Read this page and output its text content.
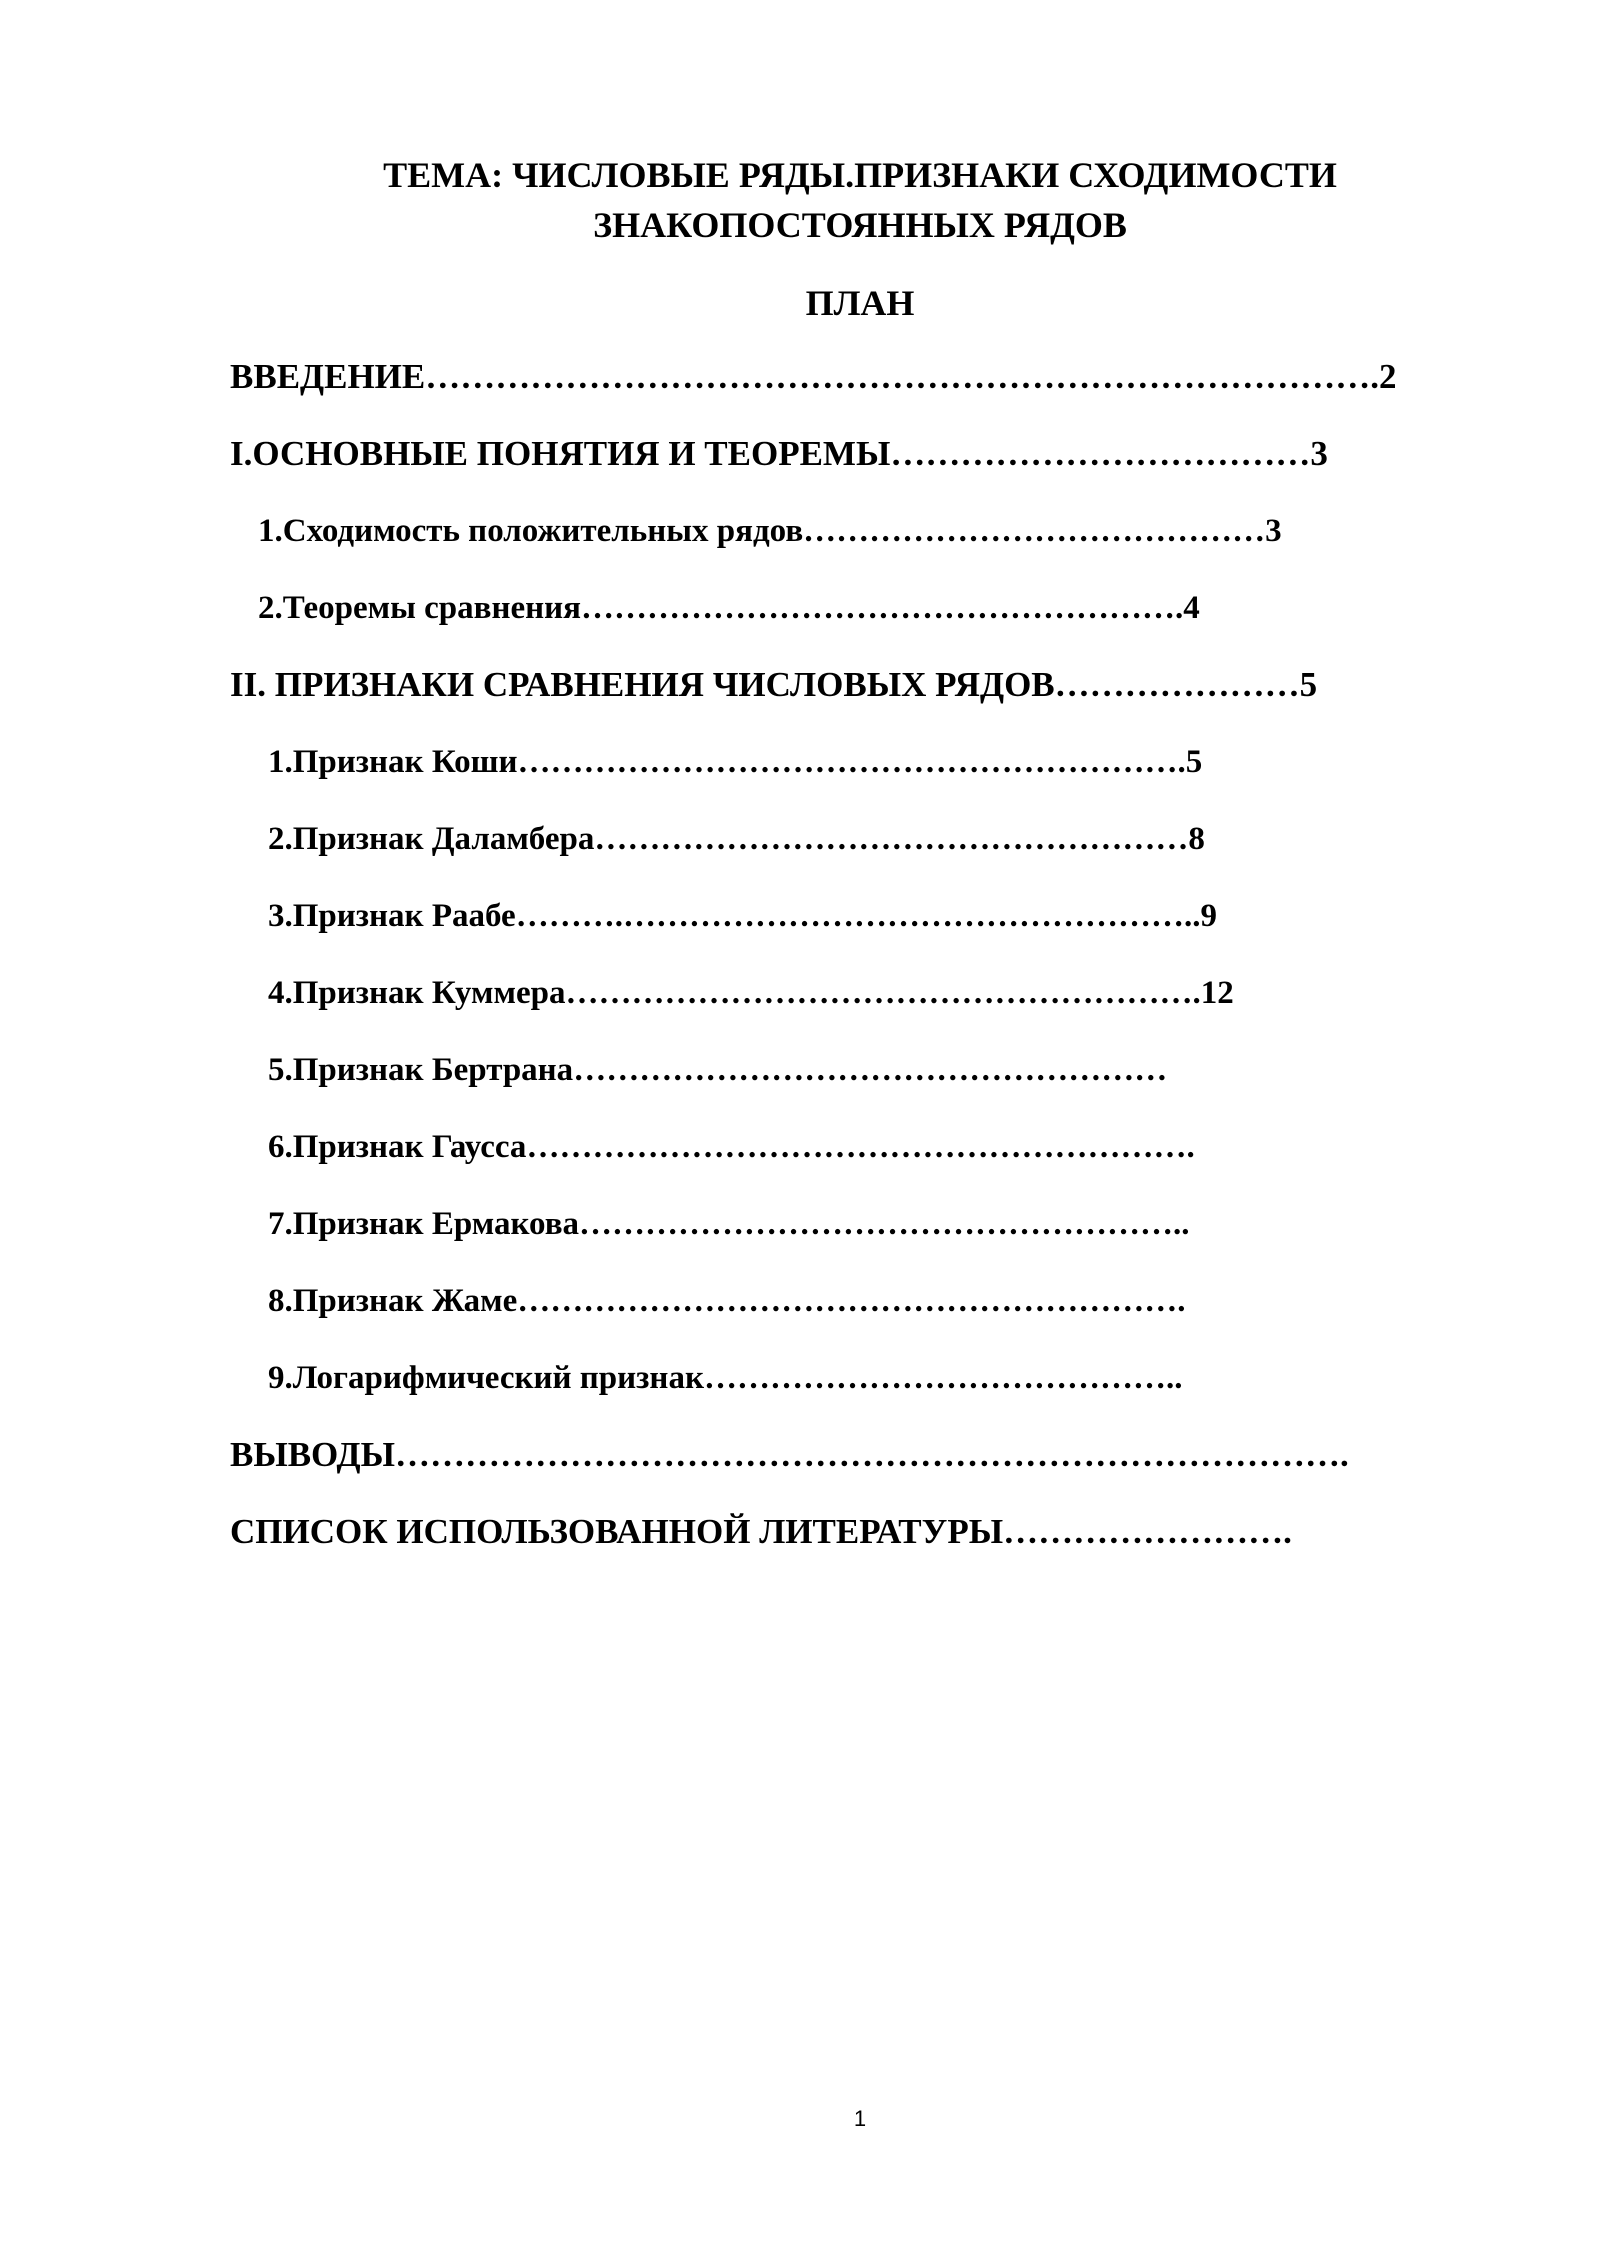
ТЕМА: ЧИСЛОВЫЕ РЯДЫ.ПРИЗНАКИ СХОДИМОСТИ
ЗНАКОПОСТОЯННЫХ РЯДОВ
ПЛАН
ВВЕДЕНИЕ……………………………………………………………………….2
I.ОСНОВНЫЕ ПОНЯТИЯ И ТЕОРЕМЫ………………………………3
1.Сходимость положительных рядов……………………………………3
2.Теоремы сравнения……………………………………………….4
II. ПРИЗНАКИ СРАВНЕНИЯ ЧИСЛОВЫХ РЯДОВ…………………5
1.Признак Коши…………………………………………………….5
2.Признак Даламбера………………………………………………8
3.Признак Раабе……….……………………………………………..9
4.Признак Куммера………………………………………………….12
5.Признак Бертрана………………………………………………
6.Признак Гаусса…………………………………………………….
7.Признак Ермакова………………………………………………..
8.Признак Жаме…………………………………………………….
9.Логарифмический признак……………………………………..
ВЫВОДЫ……………………………………………………………………….
СПИСОК ИСПОЛЬЗОВАННОЙ ЛИТЕРАТУРЫ…………………….
1
